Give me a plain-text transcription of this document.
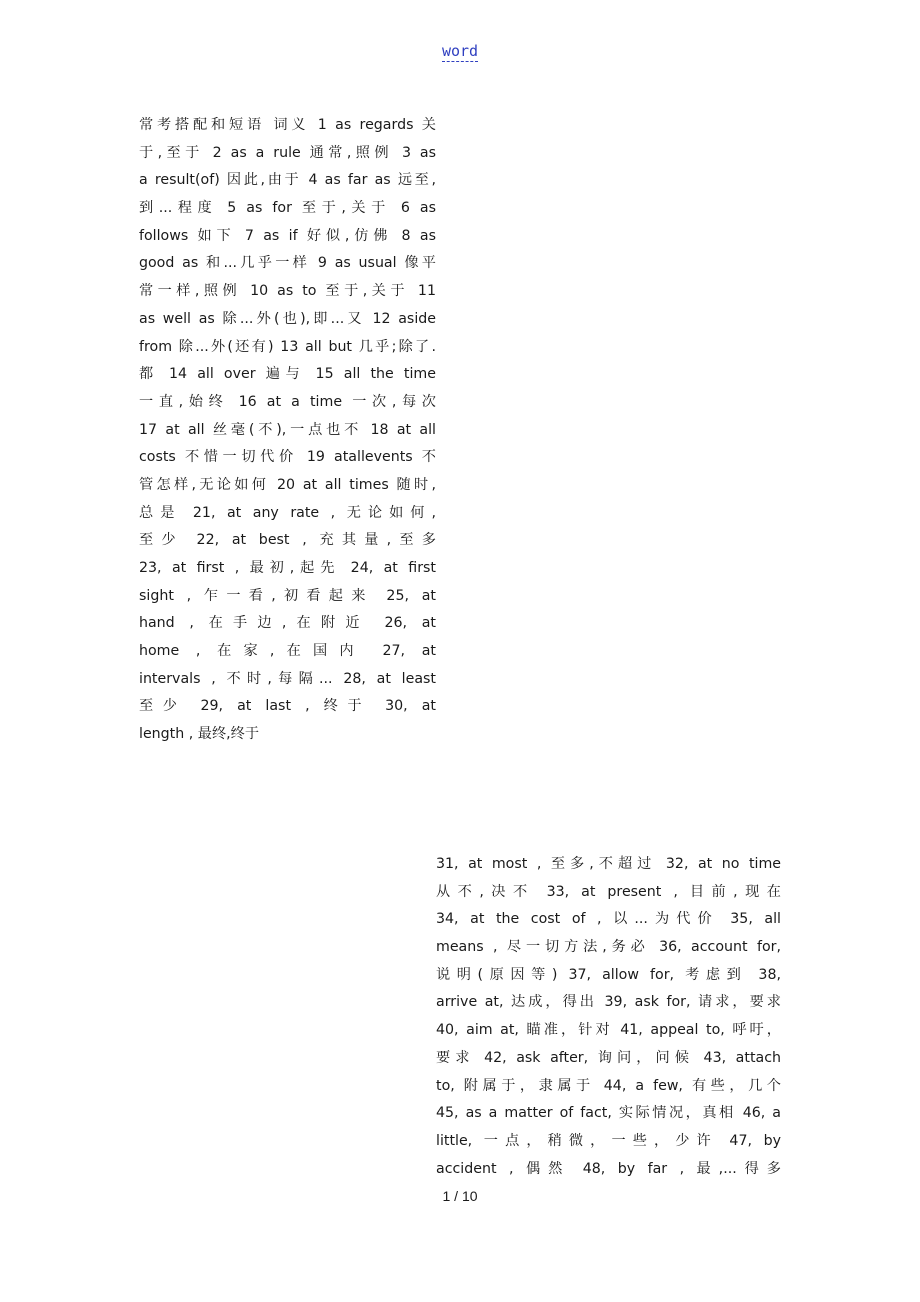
word
常考搭配和短语 词义 1 as regards 关
于,至于 2 as a rule 通常,照例 3 as
a result(of) 因此,由于 4 as far as 远至,
到...程度 5 as for 至于,关于 6 as
follows 如下 7 as if 好似,仿佛 8 as
good as 和...几乎一样 9 as usual 像平
常一样,照例 10 as to 至于,关于 11
as well as 除...外(也),即...又 12 aside
from 除...外(还有) 13 all but 几乎;除了.
都 14 all over 遍与 15 all the time
一直,始终 16 at a time 一次,每次
17 at all 丝毫(不),一点也不 18 at all
costs 不惜一切代价 19 atallevents 不
管怎样,无论如何 20 at all times 随时,
总是 21, at any rate , 无论如何,
至少 22, at best , 充其量,至多
23, at first , 最初,起先 24, at first
sight , 乍一看,初看起来 25, at
hand , 在手边,在附近 26, at
home , 在家,在国内 27, at
intervals , 不时,每隔... 28, at least
至少 29, at last , 终于 30, at
length , 最终,终于
31, at most , 至多,不超过 32, at no time
从不,决不 33, at present , 目前,现在
34, at the cost of , 以...为代价 35, all
means , 尽一切方法,务必 36, account for,
说明(原因等) 37, allow for, 考虑到 38,
arrive at, 达成，得出 39, ask for, 请求，要求
40, aim at, 瞄准，针对 41, appeal to, 呼吁，
要求 42, ask after, 询问，问候 43, attach
to, 附属于，隶属于 44, a few, 有些，几个
45, as a matter of fact, 实际情况，真相 46, a
little, 一点，稍微，一些，少许 47, by
accident , 偶然 48, by far , 最,...得多
1 / 10
